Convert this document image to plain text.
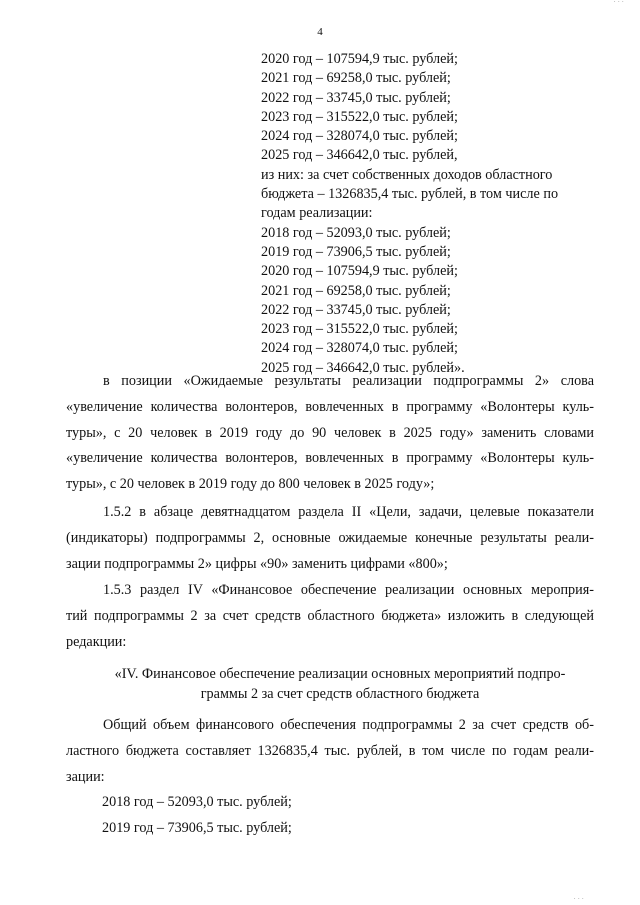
4
2020 год – 107594,9 тыс. рублей;
2021 год – 69258,0 тыс. рублей;
2022 год – 33745,0 тыс. рублей;
2023 год – 315522,0 тыс. рублей;
2024 год – 328074,0 тыс. рублей;
2025 год – 346642,0 тыс. рублей,
из них: за счет собственных доходов областного
бюджета – 1326835,4 тыс. рублей, в том числе по
годам реализации:
2018 год – 52093,0 тыс. рублей;
2019 год – 73906,5 тыс. рублей;
2020 год – 107594,9 тыс. рублей;
2021 год – 69258,0 тыс. рублей;
2022 год – 33745,0 тыс. рублей;
2023 год – 315522,0 тыс. рублей;
2024 год – 328074,0 тыс. рублей;
2025 год – 346642,0 тыс. рублей».

в позиции «Ожидаемые результаты реализации подпрограммы 2» слова
«увеличение количества волонтеров, вовлеченных в программу «Волонтеры куль-
туры», с 20 человек в 2019 году до 90 человек в 2025 году» заменить словами
«увеличение количества волонтеров, вовлеченных в программу «Волонтеры куль-
туры», с 20 человек в 2019 году до 800 человек в 2025 году»;

1.5.2 в абзаце девятнадцатом раздела II «Цели, задачи, целевые показатели
(индикаторы) подпрограммы 2, основные ожидаемые конечные результаты реали-
зации подпрограммы 2» цифры «90» заменить цифрами «800»;

1.5.3 раздел IV «Финансовое обеспечение реализации основных мероприя-
тий подпрограммы 2 за счет средств областного бюджета» изложить в следующей
редакции:

«IV. Финансовое обеспечение реализации основных мероприятий подпро-
граммы 2 за счет средств областного бюджета

Общий объем финансового обеспечения подпрограммы 2 за счет средств об-
ластного бюджета составляет 1326835,4 тыс. рублей, в том числе по годам реали-
зации:

2018 год – 52093,0 тыс. рублей;
2019 год – 73906,5 тыс. рублей;
· · ·
· · ·
